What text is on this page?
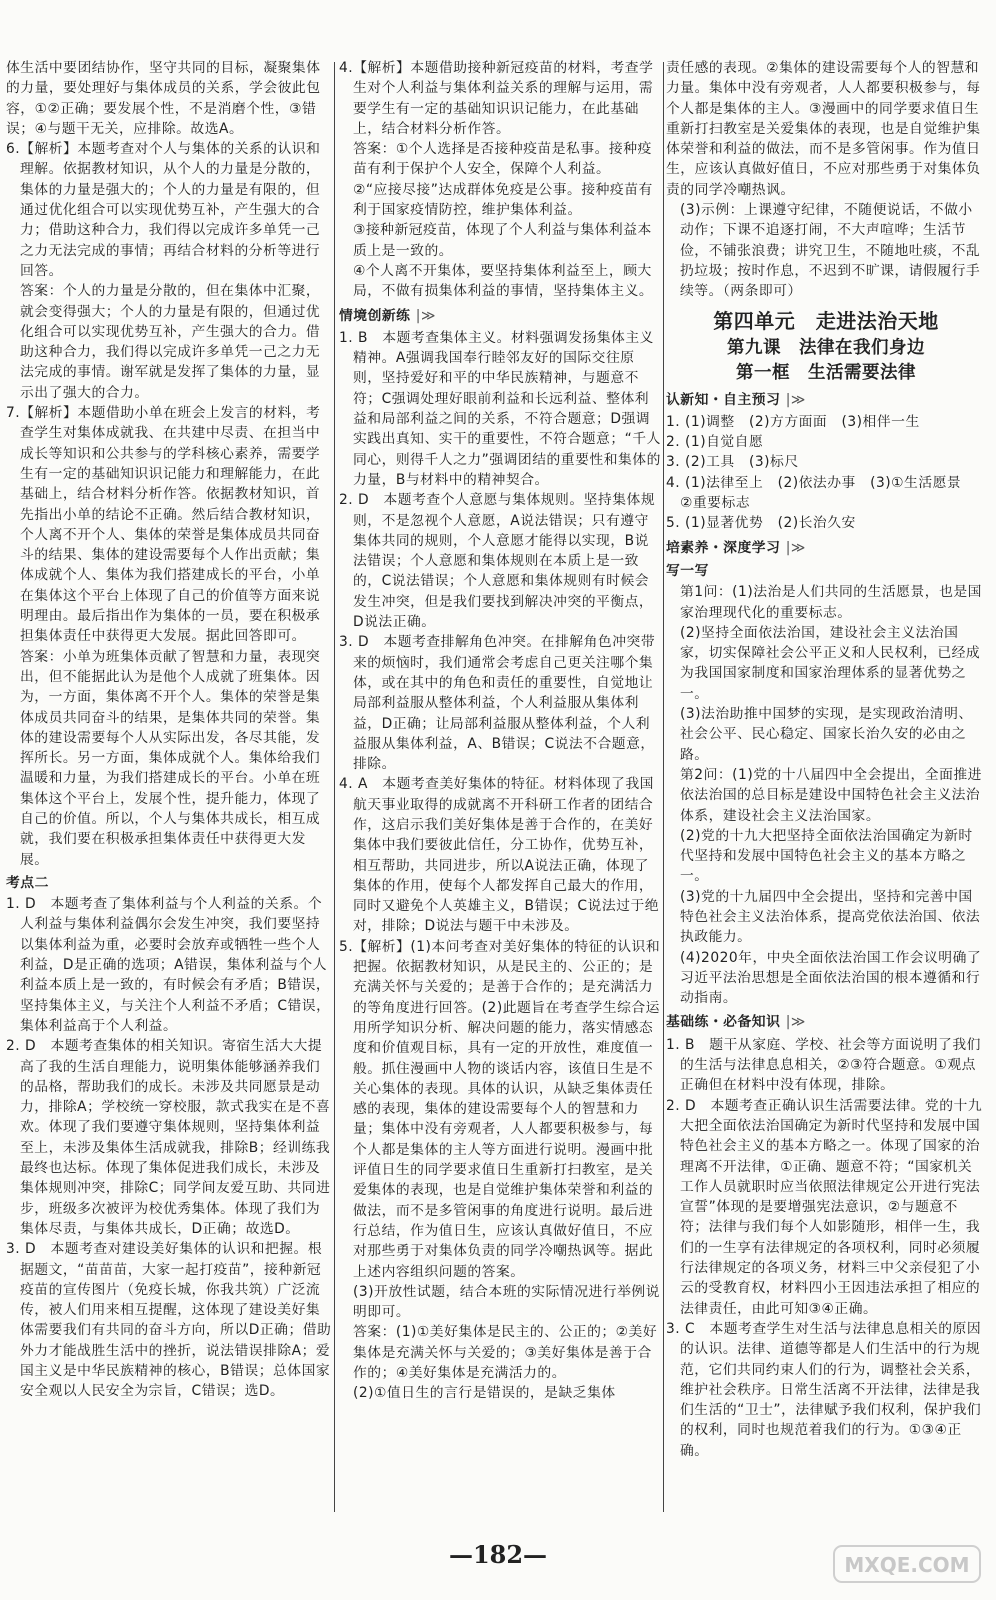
体生活中要团结协作，坚守共同的目标，凝聚集体的力量，要处理好与集体成员的关系，学会彼此包容，①②正确；要发展个性，不是消磨个性，③错误；④与题干无关，应排除。故选A。

6.【解析】本题考查对个人与集体的关系的认识和理解。依据教材知识，从个人的力量是分散的，集体的力量是强大的；个人的力量是有限的，但通过优化组合可以实现优势互补，产生强大的合力；借助这种合力，我们得以完成许多单凭一己之力无法完成的事情；再结合材料的分析等进行回答。

答案：个人的力量是分散的，但在集体中汇聚，就会变得强大；个人的力量是有限的，但通过优化组合可以实现优势互补，产生强大的合力。借助这种合力，我们得以完成许多单凭一己之力无法完成的事情。谢军就是发挥了集体的力量，显示出了强大的合力。

7.【解析】本题借助小单在班会上发言的材料，考查学生对集体成就我、在共建中尽责、在担当中成长等知识和公共参与的学科核心素养，需要学生有一定的基础知识识记能力和理解能力，在此基础上，结合材料分析作答。依据教材知识，首先指出小单的结论不正确。然后结合教材知识，个人离不开个人、集体的荣誉是集体成员共同奋斗的结果、集体的建设需要每个人作出贡献；集体成就个人、集体为我们搭建成长的平台，小单在集体这个平台上体现了自己的价值等方面来说明理由。最后指出作为集体的一员，要在积极承担集体责任中获得更大发展。据此回答即可。

答案：小单为班集体贡献了智慧和力量，表现突出，但不能据此认为是他个人成就了班集体。因为，一方面，集体离不开个人。集体的荣誉是集体成员共同奋斗的结果，是集体共同的荣誉。集体的建设需要每个人从实际出发，各尽其能，发挥所长。另一方面，集体成就个人。集体给我们温暖和力量，为我们搭建成长的平台。小单在班集体这个平台上，发展个性，提升能力，体现了自己的价值。所以，个人与集体共成长，相互成就，我们要在积极承担集体责任中获得更大发展。

考点二

1. D　本题考查了集体利益与个人利益的关系。个人利益与集体利益偶尔会发生冲突，我们要坚持以集体利益为重，必要时会放弃或牺牲一些个人利益，D是正确的选项；A错误，集体利益与个人利益本质上是一致的，有时候会有矛盾；B错误，坚持集体主义，与关注个人利益不矛盾；C错误，集体利益高于个人利益。

2. D　本题考查集体的相关知识。寄宿生活大大提高了我的生活自理能力，说明集体能够涵养我们的品格，帮助我们的成长。未涉及共同愿景是动力，排除A；学校统一穿校服，款式我实在是不喜欢。体现了我们要遵守集体规则，坚持集体利益至上，未涉及集体生活成就我，排除B；经训练我最终也达标。体现了集体促进我们成长，未涉及集体规则冲突，排除C；同学间友爱互助、共同进步，班级多次被评为校优秀集体。体现了我们为集体尽责，与集体共成长，D正确；故选D。

3. D　本题考查对建设美好集体的认识和把握。根据题文，“苗苗苗，大家一起打疫苗”，接种新冠疫苗的宣传图片（免疫长城，你我共筑）广泛流传，被人们用来相互提醒，这体现了建设美好集体需要我们有共同的奋斗方向，所以D正确；借助外力才能战胜生活中的挫折，说法错误排除A；爱国主义是中华民族精神的核心，B错误；总体国家安全观以人民安全为宗旨，C错误；选D。

4.【解析】本题借助接种新冠疫苗的材料，考查学生对个人利益与集体利益关系的理解与运用，需要学生有一定的基础知识识记能力，在此基础上，结合材料分析作答。

答案：①个人选择是否接种疫苗是私事。接种疫苗有利于保护个人安全，保障个人利益。

②“应接尽接”达成群体免疫是公事。接种疫苗有利于国家疫情防控，维护集体利益。

③接种新冠疫苗，体现了个人利益与集体利益本质上是一致的。

④个人离不开集体，要坚持集体利益至上，顾大局，不做有损集体利益的事情，坚持集体主义。

情境创新练 |≫

1. B　本题考查集体主义。材料强调发扬集体主义精神。A强调我国奉行睦邻友好的国际交往原则，坚持爱好和平的中华民族精神，与题意不符；C强调处理好眼前利益和长远利益、整体利益和局部利益之间的关系，不符合题意；D强调实践出真知、实干的重要性，不符合题意；“千人同心，则得千人之力”强调团结的重要性和集体的力量，B与材料中的精神契合。

2. D　本题考查个人意愿与集体规则。坚持集体规则，不是忽视个人意愿，A说法错误；只有遵守集体共同的规则，个人意愿才能得以实现，B说法错误；个人意愿和集体规则在本质上是一致的，C说法错误；个人意愿和集体规则有时候会发生冲突，但是我们要找到解决冲突的平衡点，D说法正确。

3. D　本题考查排解角色冲突。在排解角色冲突带来的烦恼时，我们通常会考虑自己更关注哪个集体，或在其中的角色和责任的重要性，自觉地让局部利益服从整体利益，个人利益服从集体利益，D正确；让局部利益服从整体利益，个人利益服从集体利益，A、B错误；C说法不合题意，排除。

4. A　本题考查美好集体的特征。材料体现了我国航天事业取得的成就离不开科研工作者的团结合作，这启示我们美好集体是善于合作的，在美好集体中我们要彼此信任，分工协作，优势互补，相互帮助，共同进步，所以A说法正确，体现了集体的作用，使每个人都发挥自己最大的作用，同时又避免个人英雄主义，B错误；C说法过于绝对，排除；D说法与题干中未涉及。

5.【解析】(1)本问考查对美好集体的特征的认识和把握。依据教材知识，从是民主的、公正的；是充满关怀与关爱的；是善于合作的；是充满活力的等角度进行回答。(2)此题旨在考查学生综合运用所学知识分析、解决问题的能力，落实情感态度和价值观目标，具有一定的开放性，难度值一般。抓住漫画中人物的谈话内容，该值日生是不关心集体的表现。具体的认识，从缺乏集体责任感的表现，集体的建设需要每个人的智慧和力量；集体中没有旁观者，人人都要积极参与，每个人都是集体的主人等方面进行说明。漫画中批评值日生的同学要求值日生重新打扫教室，是关爱集体的表现，也是自觉维护集体荣誉和利益的做法，而不是多管闲事的角度进行说明。最后进行总结，作为值日生，应该认真做好值日，不应对那些勇于对集体负责的同学冷嘲热讽等。据此上述内容组织问题的答案。

(3)开放性试题，结合本班的实际情况进行举例说明即可。

答案：(1)①美好集体是民主的、公正的；②美好集体是充满关怀与关爱的；③美好集体是善于合作的；④美好集体是充满活力的。

(2)①值日生的言行是错误的，是缺乏集体

责任感的表现。②集体的建设需要每个人的智慧和力量。集体中没有旁观者，人人都要积极参与，每个人都是集体的主人。③漫画中的同学要求值日生重新打扫教室是关爱集体的表现，也是自觉维护集体荣誉和利益的做法，而不是多管闲事。作为值日生，应该认真做好值日，不应对那些勇于对集体负责的同学冷嘲热讽。

(3)示例：上课遵守纪律，不随便说话，不做小动作；下课不追逐打闹，不大声喧哗；生活节俭，不铺张浪费；讲究卫生，不随地吐痰，不乱扔垃圾；按时作息，不迟到不旷课，请假履行手续等。（两条即可）

第四单元　走进法治天地

第九课　法律在我们身边

第一框　生活需要法律

认新知・自主预习 |≫

1. (1)调整　(2)方方面面　(3)相伴一生

2. (1)自觉自愿

3. (2)工具　(3)标尺

4. (1)法律至上　(2)依法办事　(3)①生活愿景　②重要标志

5. (1)显著优势　(2)长治久安

培素养・深度学习 |≫

写一写

第1问：(1)法治是人们共同的生活愿景，也是国家治理现代化的重要标志。

(2)坚持全面依法治国，建设社会主义法治国家，切实保障社会公平正义和人民权利，已经成为我国国家制度和国家治理体系的显著优势之一。

(3)法治助推中国梦的实现，是实现政治清明、社会公平、民心稳定、国家长治久安的必由之路。

第2问：(1)党的十八届四中全会提出，全面推进依法治国的总目标是建设中国特色社会主义法治体系，建设社会主义法治国家。

(2)党的十九大把坚持全面依法治国确定为新时代坚持和发展中国特色社会主义的基本方略之一。

(3)党的十九届四中全会提出，坚持和完善中国特色社会主义法治体系，提高党依法治国、依法执政能力。

(4)2020年，中央全面依法治国工作会议明确了习近平法治思想是全面依法治国的根本遵循和行动指南。

基础练・必备知识 |≫

1. B　题干从家庭、学校、社会等方面说明了我们的生活与法律息息相关，②③符合题意。①观点正确但在材料中没有体现，排除。

2. D　本题考查正确认识生活需要法律。党的十九大把全面依法治国确定为新时代坚持和发展中国特色社会主义的基本方略之一。体现了国家的治理离不开法律，①正确、题意不符；“国家机关工作人员就职时应当依照法律规定公开进行宪法宣誓”体现的是要增强宪法意识，②与题意不符；法律与我们每个人如影随形，相伴一生，我们的一生享有法律规定的各项权利，同时必须履行法律规定的各项义务，材料三中父亲侵犯了小云的受教育权，材料四小王因违法承担了相应的法律责任，由此可知③④正确。

3. C　本题考查学生对生活与法律息息相关的原因的认识。法律、道德等都是人们生活中的行为规范，它们共同约束人们的行为，调整社会关系，维护社会秩序。日常生活离不开法律，法律是我们生活的“卫士”，法律赋予我们权利，保护我们的权利，同时也规范着我们的行为。①③④正确。

—182—	MXQE.COM
